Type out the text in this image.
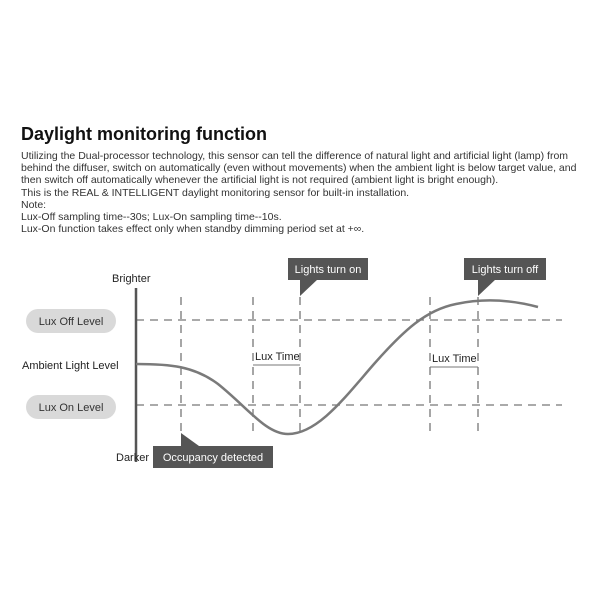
Daylight monitoring function

Utilizing the Dual-processor technology, this sensor can tell the difference of natural light and artificial light (lamp) from behind the diffuser, switch on automatically (even without movements) when the ambient light is below target value, and then switch off automatically whenever the artificial light is not required (ambient light is bright enough).

This is the REAL & INTELLIGENT daylight monitoring sensor for built-in installation.

Note:

Lux-Off sampling time--30s; Lux-On sampling time--10s.

Lux-On function takes effect only when standby dimming period set at +∞.

Brighter
Darker
Ambient Light Level
Lux Off Level
Lux On Level
Lux Time	Lux Time
Lights turn on	Lights turn off
Occupancy detected
